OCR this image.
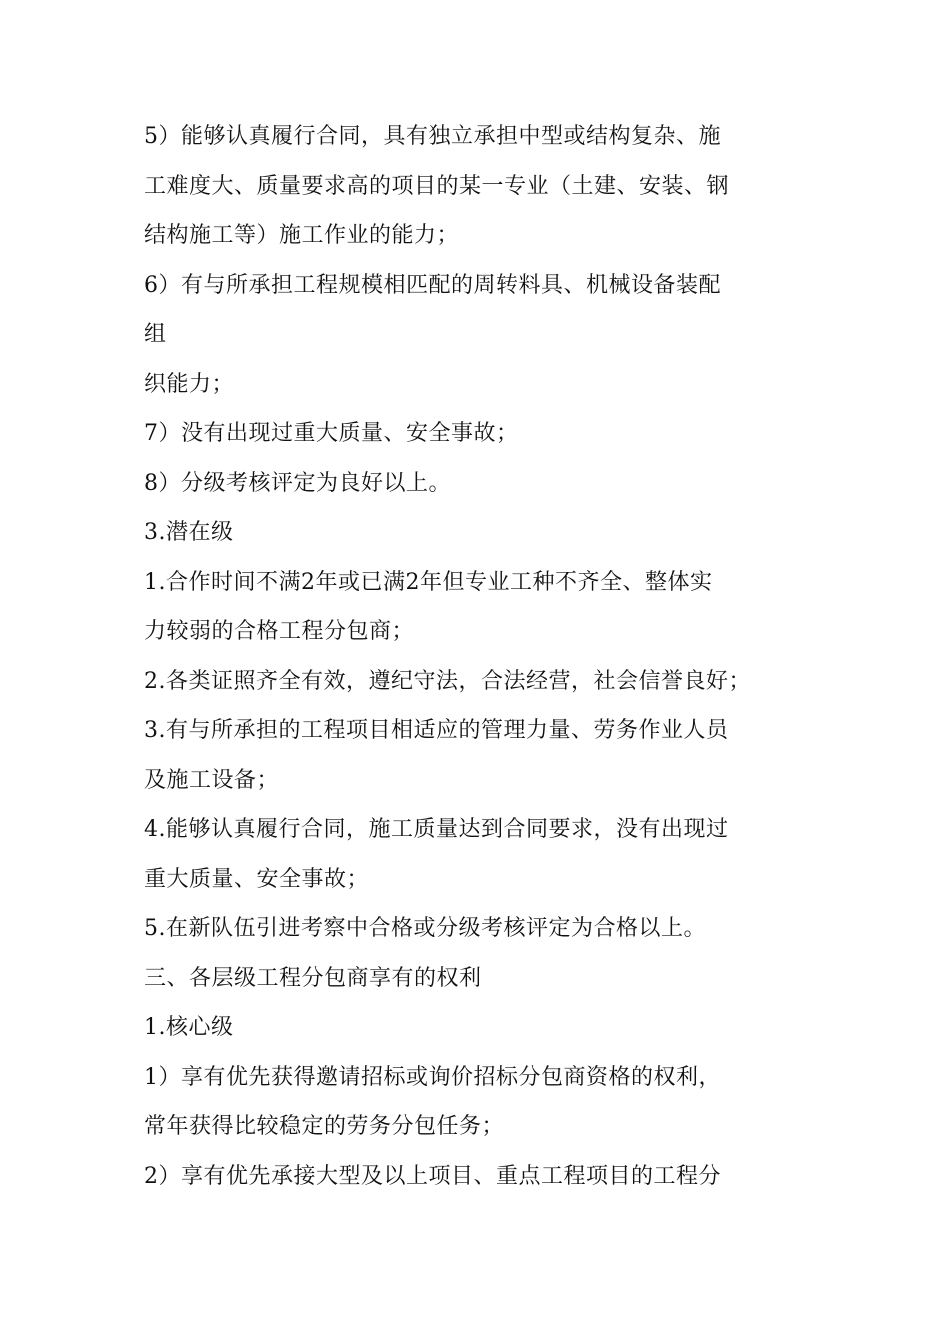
5）能够认真履行合同，具有独立承担中型或结构复杂、施
工难度大、质量要求高的项目的某一专业（土建、安装、钢
结构施工等）施工作业的能力；
6）有与所承担工程规模相匹配的周转料具、机械设备装配
组
织能力；
7）没有出现过重大质量、安全事故；
8）分级考核评定为良好以上。
3.潜在级
1.合作时间不满2年或已满2年但专业工种不齐全、整体实
力较弱的合格工程分包商；
2.各类证照齐全有效，遵纪守法，合法经营，社会信誉良好；
3.有与所承担的工程项目相适应的管理力量、劳务作业人员
及施工设备；
4.能够认真履行合同，施工质量达到合同要求，没有出现过
重大质量、安全事故；
5.在新队伍引进考察中合格或分级考核评定为合格以上。
三、各层级工程分包商享有的权利
1.核心级
1）享有优先获得邀请招标或询价招标分包商资格的权利，
常年获得比较稳定的劳务分包任务；
2）享有优先承接大型及以上项目、重点工程项目的工程分
